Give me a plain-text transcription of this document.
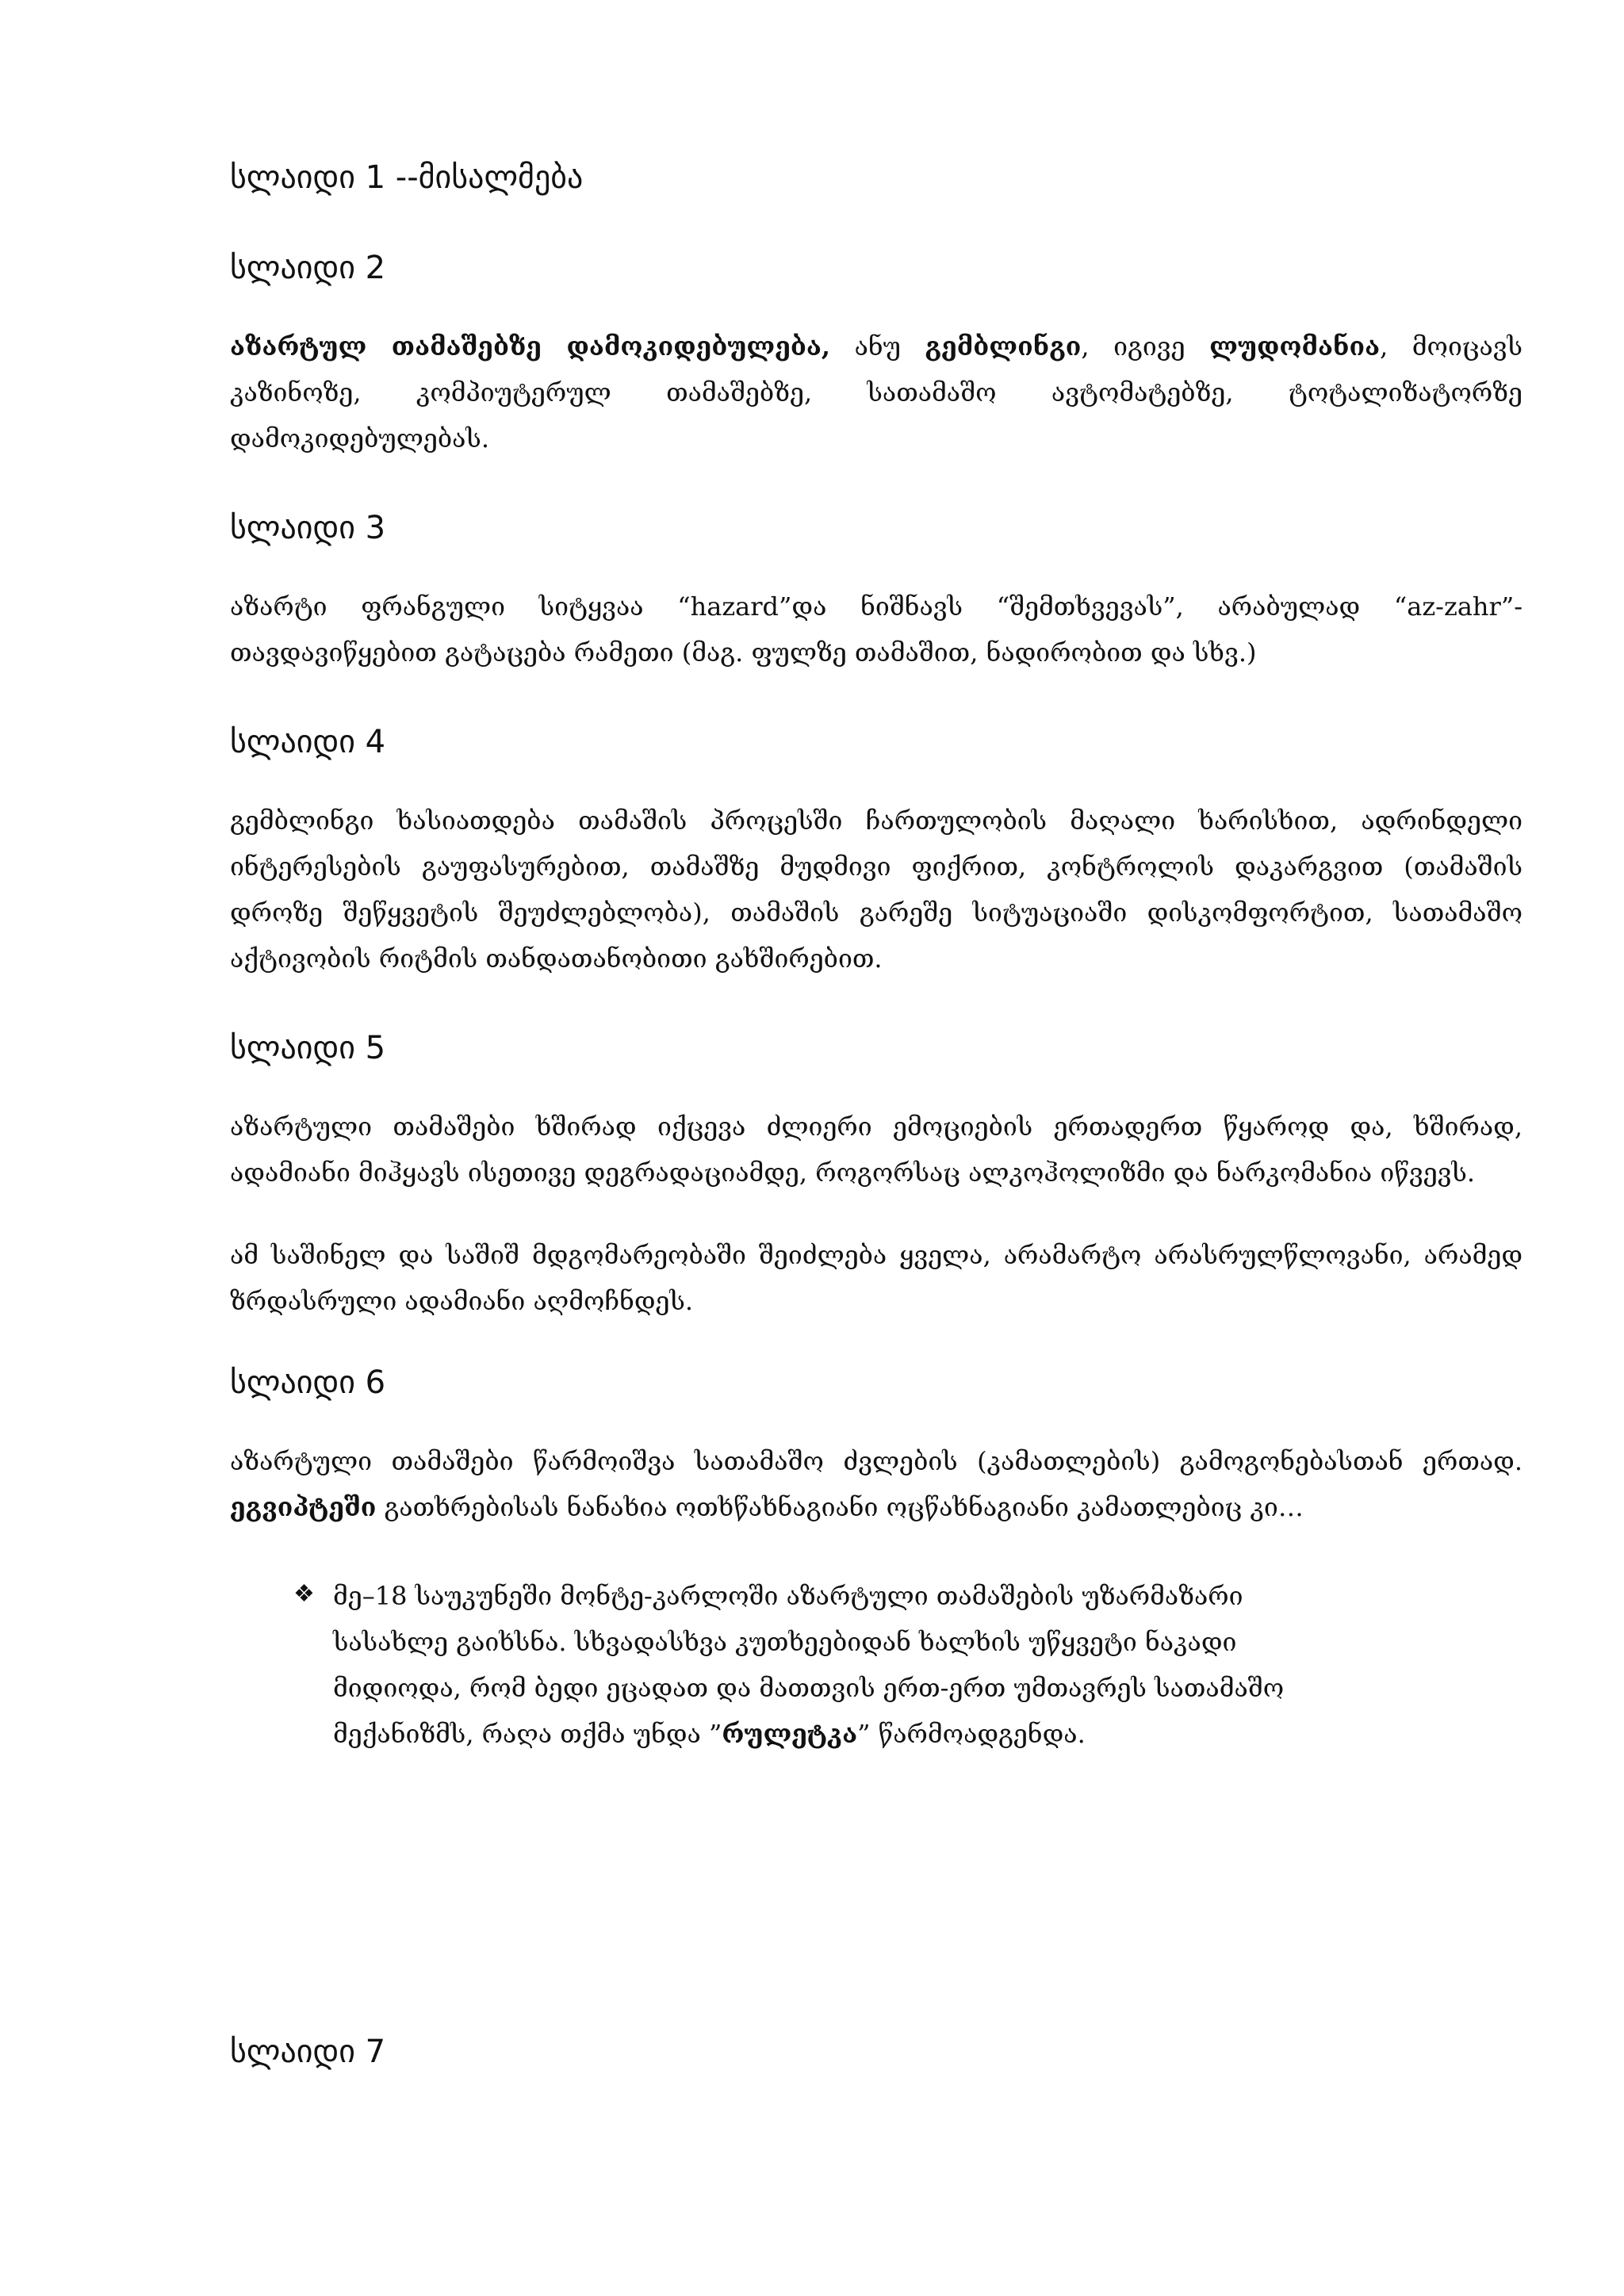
სლაიდი 1 --მისალმება
სლაიდი 2

აზარტულ თამაშებზე დამოკიდებულება, ანუ გემბლინგი, იგივე ლუდომანია, მოიცავს კაზინოზე, კომპიუტერულ თამაშებზე, სათამაშო ავტომატებზე, ტოტალიზატორზე დამოკიდებულებას.

სლაიდი 3

აზარტი ფრანგული სიტყვაა “hazard”და ნიშნავს “შემთხვევას”, არაბულად “az-zahr”-თავდავიწყებით გატაცება რამეთი (მაგ. ფულზე თამაშით, ნადირობით და სხვ.)

სლაიდი 4

გემბლინგი ხასიათდება თამაშის პროცესში ჩართულობის მაღალი ხარისხით, ადრინდელი ინტერესების გაუფასურებით, თამაშზე მუდმივი ფიქრით, კონტროლის დაკარგვით (თამაშის დროზე შეწყვეტის შეუძლებლობა), თამაშის გარეშე სიტუაციაში დისკომფორტით, სათამაშო აქტივობის რიტმის თანდათანობითი გახშირებით.

სლაიდი 5

აზარტული თამაშები ხშირად იქცევა ძლიერი ემოციების ერთადერთ წყაროდ და, ხშირად, ადამიანი მიჰყავს ისეთივე დეგრადაციამდე, როგორსაც ალკოჰოლიზმი და ნარკომანია იწვევს.

ამ საშინელ და საშიშ მდგომარეობაში შეიძლება ყველა, არამარტო არასრულწლოვანი, არამედ ზრდასრული ადამიანი აღმოჩნდეს.

სლაიდი 6

აზარტული თამაშები წარმოიშვა სათამაშო ძვლების (კამათლების) გამოგონებასთან ერთად. ეგვიპტეში გათხრებისას ნანახია ოთხწახნაგიანი ოცწახნაგიანი კამათლებიც კი…

❖ მე–18 საუკუნეში მონტე-კარლოში აზარტული თამაშების უზარმაზარი სასახლე გაიხსნა. სხვადასხვა კუთხეებიდან ხალხის უწყვეტი ნაკადი მიდიოდა, რომ ბედი ეცადათ და მათთვის ერთ-ერთ უმთავრეს სათამაშო მექანიზმს, რაღა თქმა უნდა ”რულეტკა” წარმოადგენდა.

სლაიდი 7
